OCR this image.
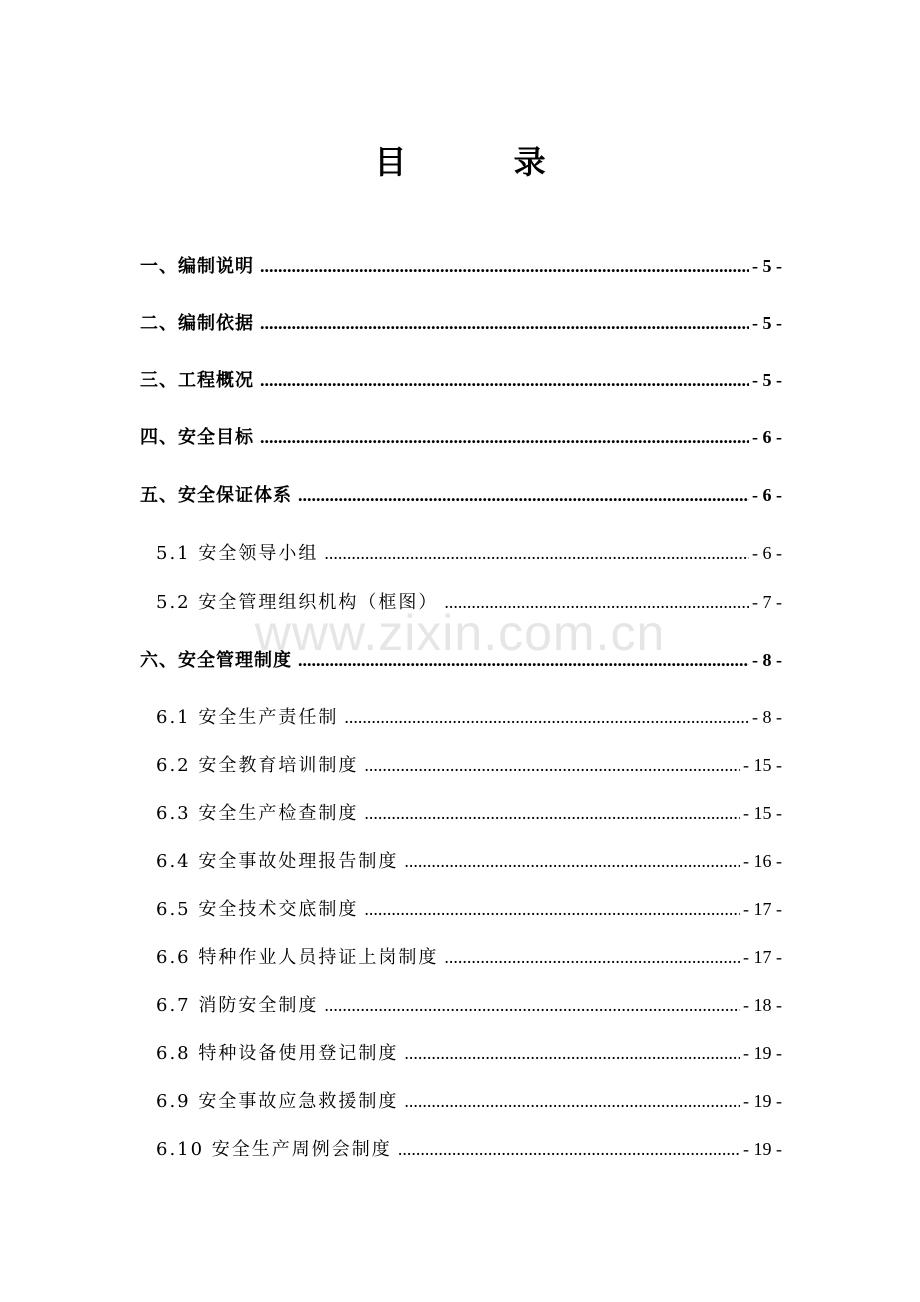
目 录
www.zixin.com.cn
一、编制说明 .....	- 5 -
二、编制依据 .....	- 5 -
三、工程概况 .....	- 5 -
四、安全目标 .....	- 6 -
五、安全保证体系 .....	- 6 -
5.1 安全领导小组 .....	- 6 -
5.2 安全管理组织机构（框图） .....	- 7 -
六、安全管理制度 .....	- 8 -
6.1 安全生产责任制 .....	- 8 -
6.2 安全教育培训制度 .....	- 15 -
6.3 安全生产检查制度 .....	- 15 -
6.4 安全事故处理报告制度 .....	- 16 -
6.5 安全技术交底制度 .....	- 17 -
6.6 特种作业人员持证上岗制度 .....	- 17 -
6.7 消防安全制度 .....	- 18 -
6.8 特种设备使用登记制度 .....	- 19 -
6.9 安全事故应急救援制度 .....	- 19 -
6.10 安全生产周例会制度 .....	- 19 -
